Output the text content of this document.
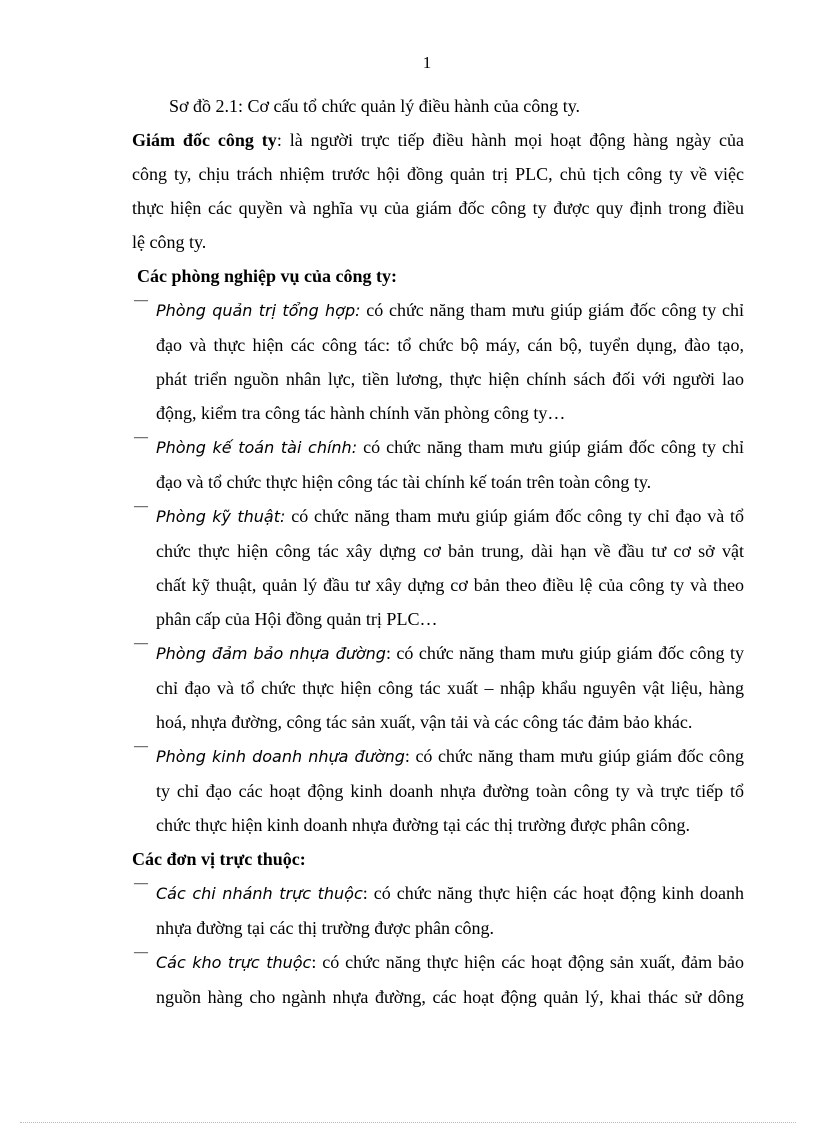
1
Sơ đồ 2.1: Cơ cấu tổ chức quản lý điều hành của công ty.
Giám đốc công ty: là người trực tiếp điều hành mọi hoạt động hàng ngày của
công ty, chịu trách nhiệm trước hội đồng quản trị PLC, chủ tịch công ty về việc
thực hiện các quyền và nghĩa vụ của giám đốc công ty được quy định trong điều
lệ công ty.
Các phòng nghiệp vụ của công ty:
—
Phòng quản trị tổng hợp: có chức năng tham mưu giúp giám đốc công ty chỉ
đạo và thực hiện các công tác: tổ chức bộ máy, cán bộ, tuyển dụng, đào tạo,
phát triển nguồn nhân lực, tiền lương, thực hiện chính sách đối với người lao
động, kiểm tra công tác hành chính văn phòng công ty…
—
Phòng kế toán tài chính: có chức năng tham mưu giúp giám đốc công ty chỉ
đạo và tổ chức thực hiện công tác tài chính kế toán trên toàn công ty.
—
Phòng kỹ thuật: có chức năng tham mưu giúp giám đốc công ty chỉ đạo và tổ
chức thực hiện công tác xây dựng cơ bản trung, dài hạn về đầu tư cơ sở vật
chất kỹ thuật, quản lý đầu tư xây dựng cơ bản theo điều lệ của công ty và theo
phân cấp của Hội đồng quản trị PLC…
—
Phòng đảm bảo nhựa đường: có chức năng tham mưu giúp giám đốc công ty
chỉ đạo và tổ chức thực hiện công tác xuất – nhập khẩu nguyên vật liệu, hàng
hoá, nhựa đường, công tác sản xuất, vận tải và các công tác đảm bảo khác.
—
Phòng kinh doanh nhựa đường: có chức năng tham mưu giúp giám đốc công
ty chỉ đạo các hoạt động kinh doanh nhựa đường toàn công ty và trực tiếp tổ
chức thực hiện kinh doanh nhựa đường tại các thị trường được phân công.
Các đơn vị trực thuộc:
—
Các chi nhánh trực thuộc: có chức năng thực hiện các hoạt động kinh doanh
nhựa đường tại các thị trường được phân công.
—
Các kho trực thuộc: có chức năng thực hiện các hoạt động sản xuất, đảm bảo
nguồn hàng cho ngành nhựa đường, các hoạt động quản lý, khai thác sử dông
